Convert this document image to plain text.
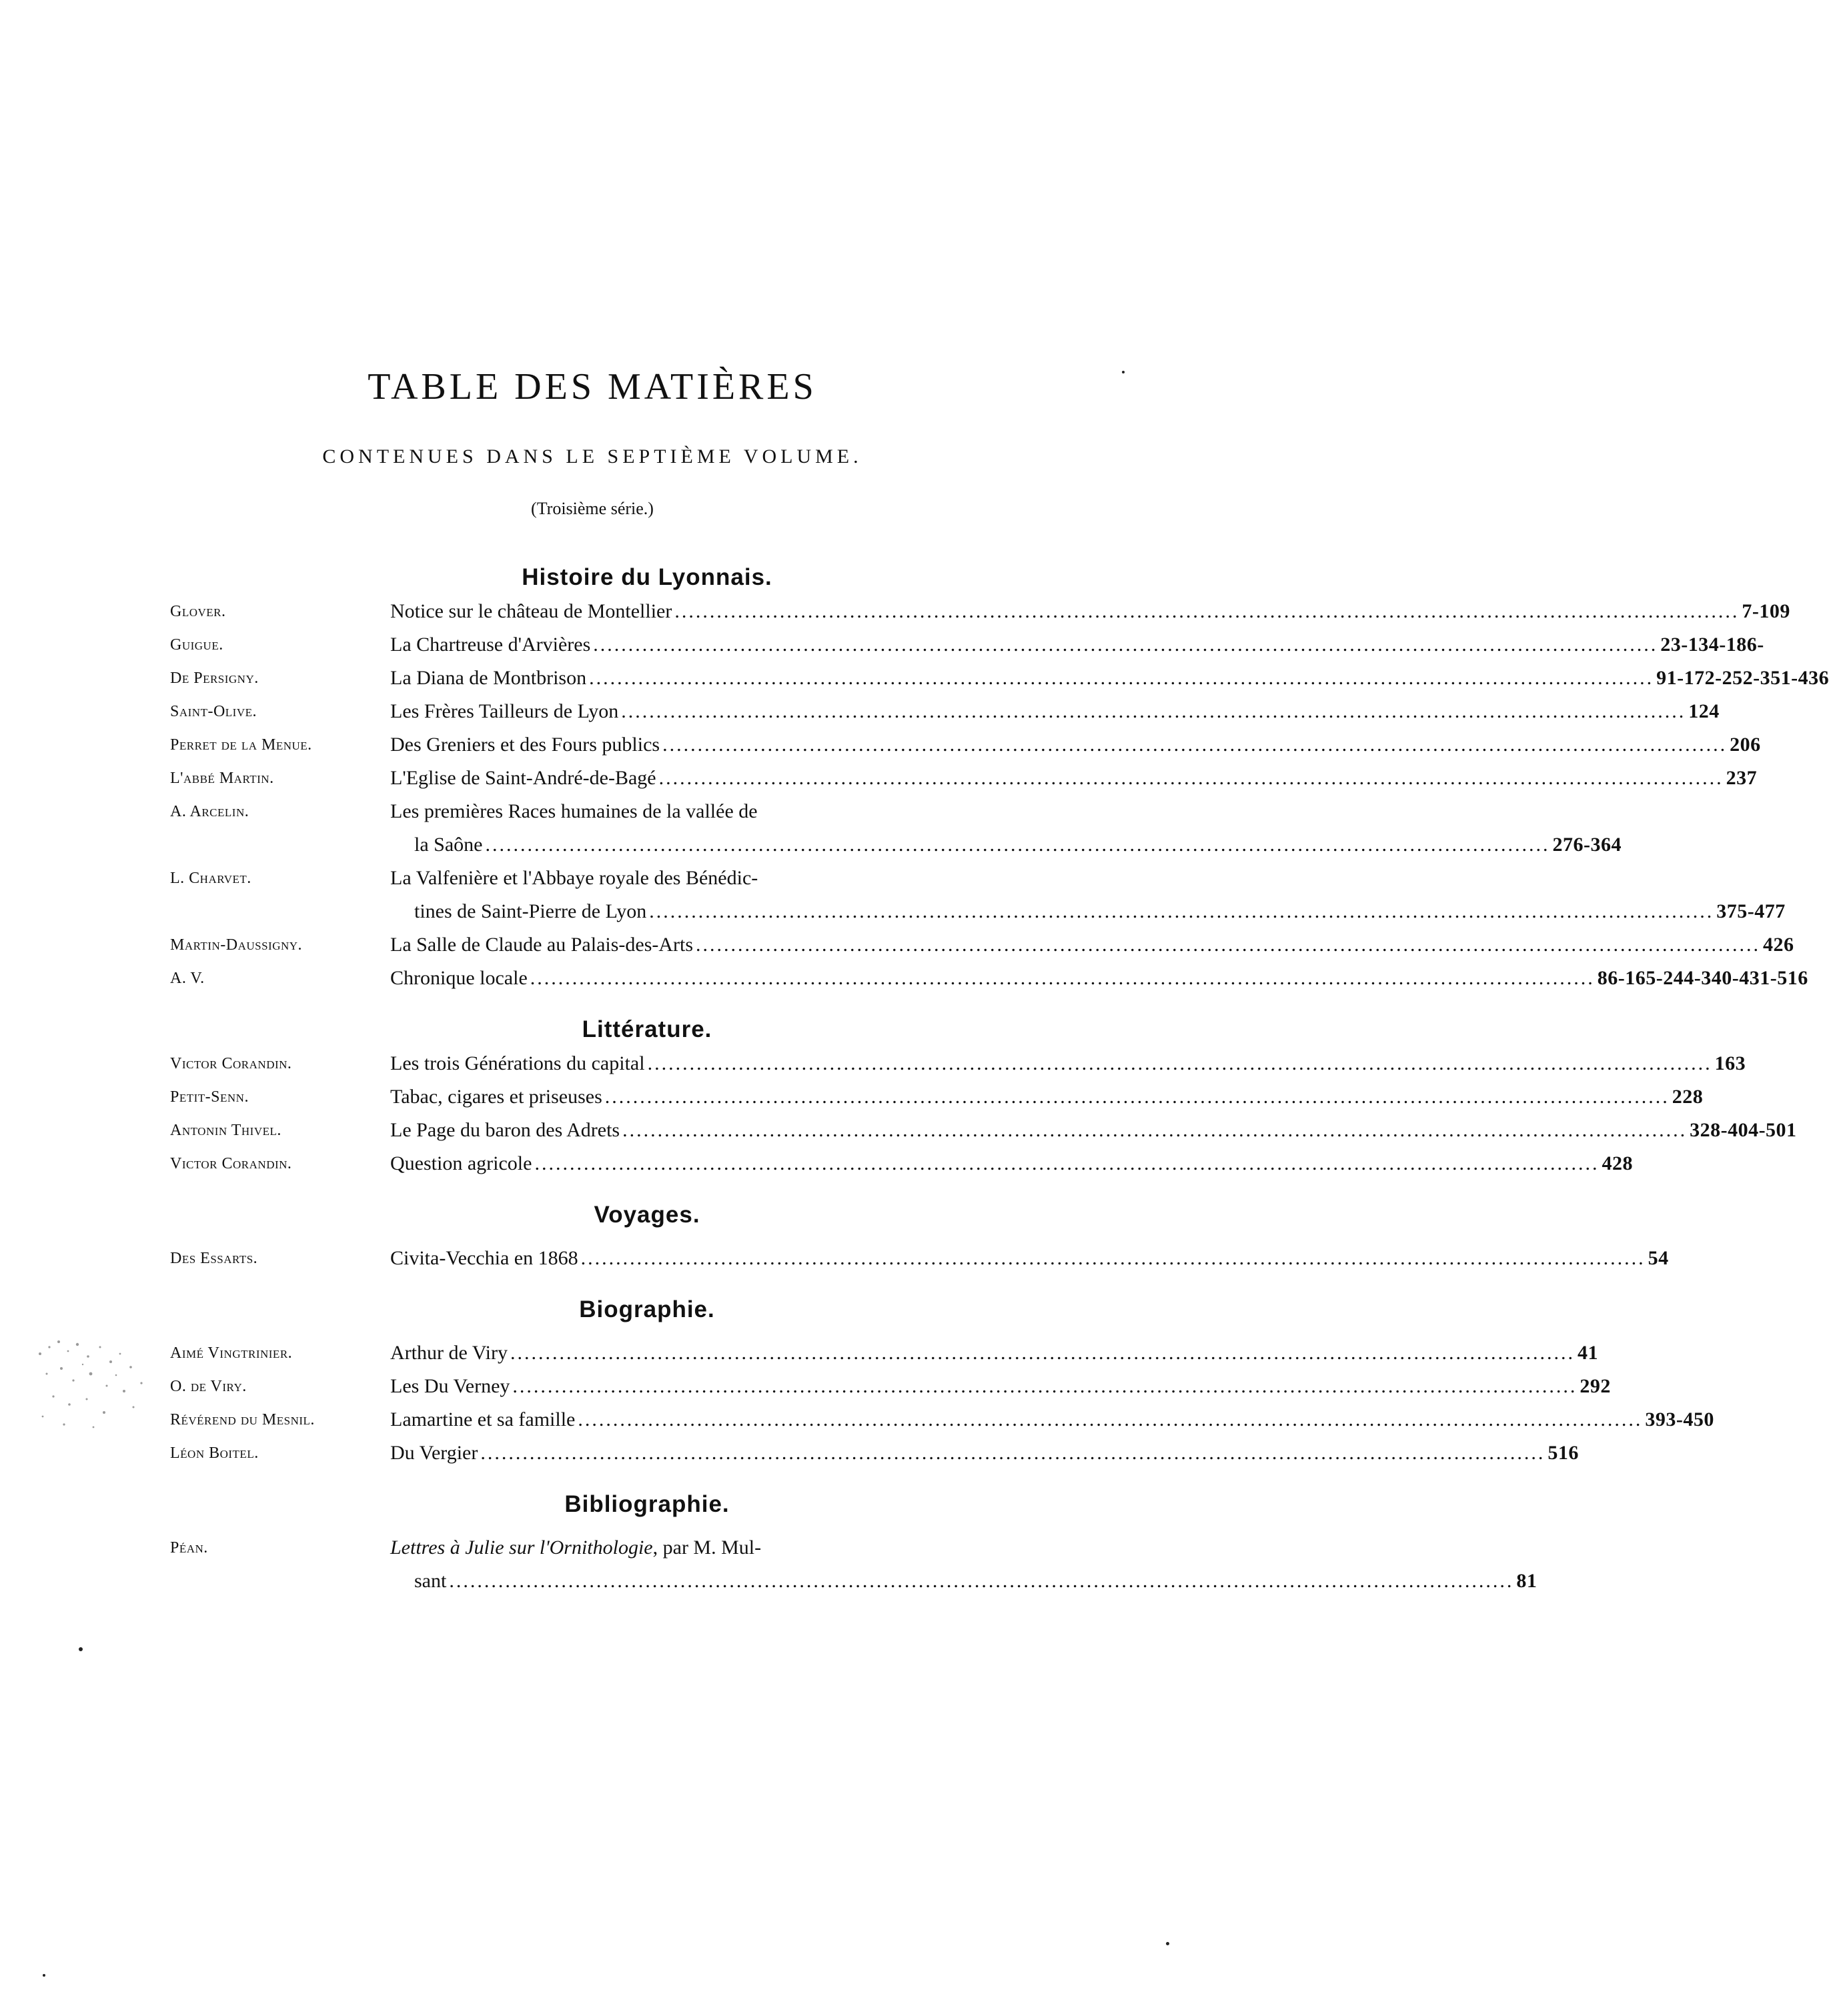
TABLE DES MATIÈRES

CONTENUES DANS LE SEPTIÈME VOLUME.

(Troisième série.)

Histoire du Lyonnais.
Glover.	Notice sur le château de Montellier .....	7-109
Guigue.	La Chartreuse d'Arvières .....	23-134-186-
De Persigny.	La Diana de Montbrison .....	91-172-252-351-436
Saint-Olive.	Les Frères Tailleurs de Lyon .....	124
Perret de la Menue.	Des Greniers et des Fours publics .....	206
L'abbé Martin.	L'Eglise de Saint-André-de-Bagé .....	237
A. Arcelin.	Les premières Races humaines de la vallée de
la Saône .....	276-364
L. Charvet.	La Valfenière et l'Abbaye royale des Bénédic-
tines de Saint-Pierre de Lyon .....	375-477
Martin-Daussigny.	La Salle de Claude au Palais-des-Arts .....	426
A. V.	Chronique locale .....	86-165-244-340-431-516
Littérature.
Victor Corandin.	Les trois Générations du capital .....	163
Petit-Senn.	Tabac, cigares et priseuses .....	228
Antonin Thivel.	Le Page du baron des Adrets .....	328-404-501
Victor Corandin.	Question agricole .....	428
Voyages.
Des Essarts.	Civita-Vecchia en 1868 .....	54
Biographie.
Aimé Vingtrinier.	Arthur de Viry .....	41
O. de Viry.	Les Du Verney .....	292
Révérend du Mesnil.	Lamartine et sa famille .....	393-450
Léon Boitel.	Du Vergier .....	516
Bibliographie.
Péan.	Lettres à Julie sur l'Ornithologie, par M. Mul-
sant .....	81
